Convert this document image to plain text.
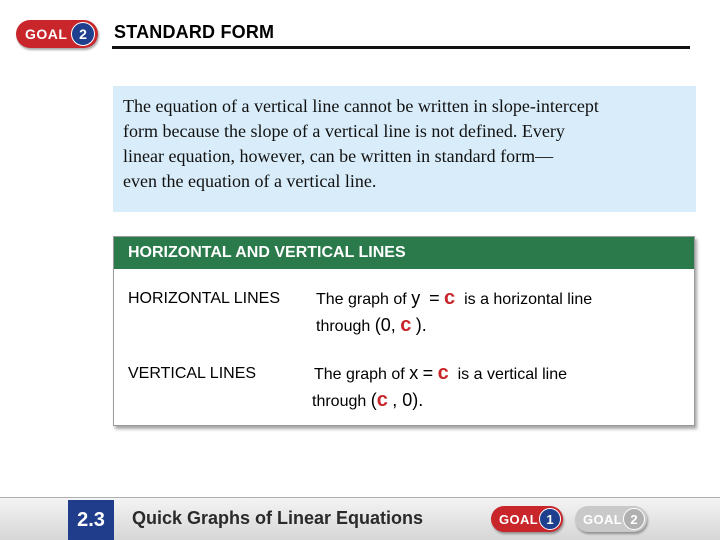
GOAL 2	STANDARD FORM

The equation of a vertical line cannot be written in slope-intercept

form because the slope of a vertical line is not defined. Every

linear equation, however, can be written in standard form—

even the equation of a vertical line.

HORIZONTAL AND VERTICAL LINES
HORIZONTAL LINES The graph of y = c is a horizontal line
through (0, c ).
VERTICAL LINES	The graph of x = c is a vertical line
through (c , 0).
2.3	Quick Graphs of Linear Equations	GOAL 1	GOAL 2
